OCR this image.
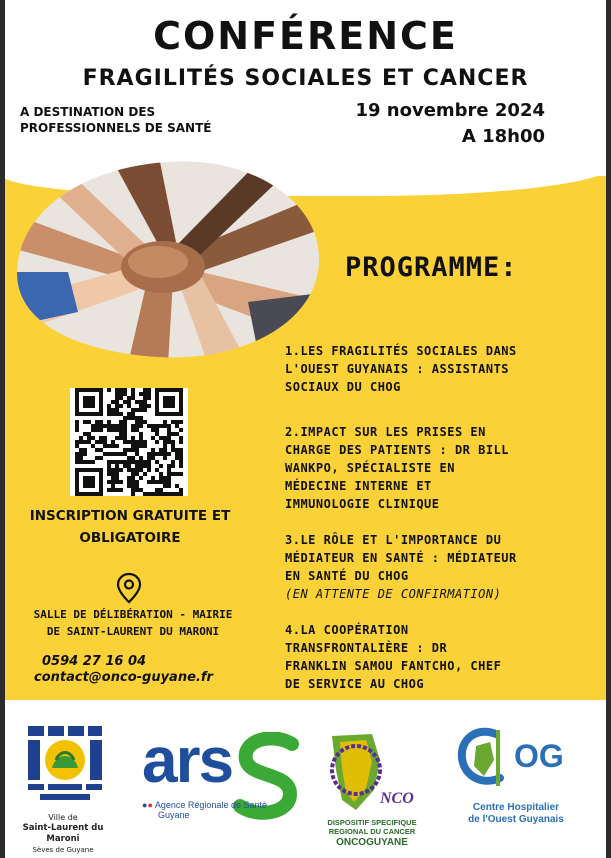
CONFÉRENCE
FRAGILITÉS SOCIALES ET CANCER
A DESTINATION DES
PROFESSIONNELS DE SANTÉ
19 novembre 2024
A 18h00
PROGRAMME:
1.LES FRAGILITÉS SOCIALES DANS
L'OUEST GUYANAIS : ASSISTANTS
SOCIAUX DU CHOG
2.IMPACT SUR LES PRISES EN
CHARGE DES PATIENTS : DR BILL
WANKPO, SPÉCIALISTE EN
MÉDECINE INTERNE ET
IMMUNOLOGIE CLINIQUE
3.LE RÔLE ET L'IMPORTANCE DU
MÉDIATEUR EN SANTÉ : MÉDIATEUR
EN SANTÉ DU CHOG
(EN ATTENTE DE CONFIRMATION)
4.LA COOPÉRATION
TRANSFRONTALIÈRE : DR
FRANKLIN SAMOU FANTCHO, CHEF
DE SERVICE AU CHOG
INSCRIPTION GRATUITE ET
OBLIGATOIRE
SALLE DE DÉLIBÉRATION - MAIRIE
DE SAINT-LAURENT DU MARONI
0594 27 16 04
contact@onco-guyane.fr
Ville de
Saint-Laurent du Maroni
Sèves de Guyane
ars
●● Agence Régionale de Santé
Guyane
NCO
DISPOSITIF SPECIFIQUE
REGIONAL DU CANCER
ONCOGUYANE
OG
Centre Hospitalier
de l'Ouest Guyanais
